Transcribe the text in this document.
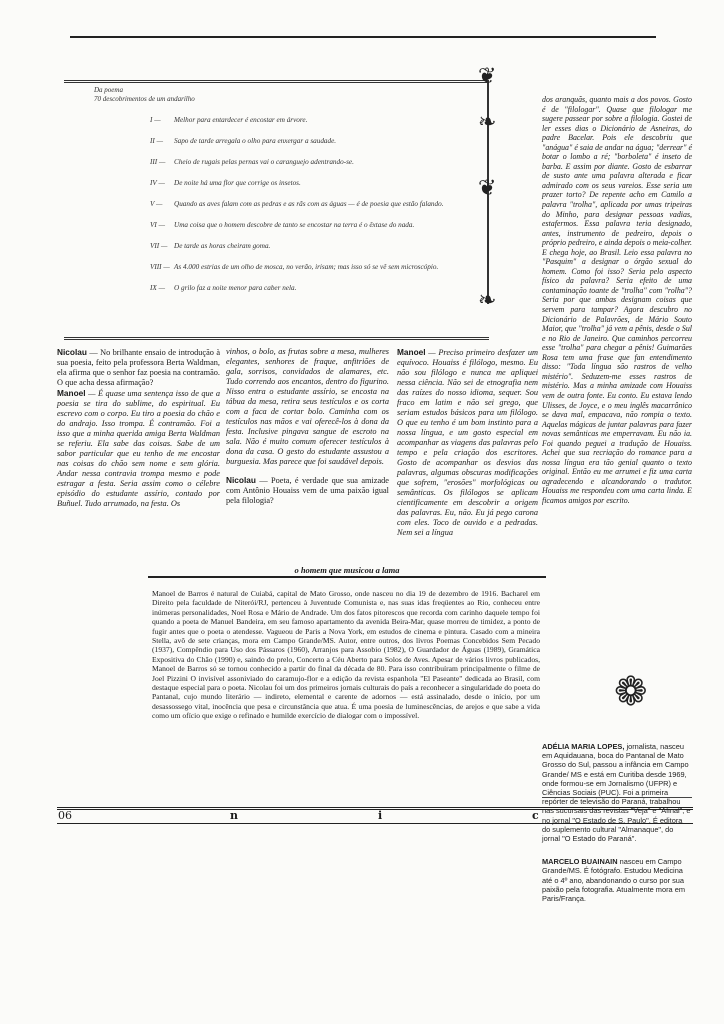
❦
❧
❦
❧
Da poema
70 descobrimentos de um andarilho
I —	Melhor para entardecer é encostar em árvore.
II —	Sapo de tarde arregala o olho para enxergar a saudade.
III —	Cheio de rugais pelas pernas vai o caranguejo adentrando-se.
IV —	De noite há uma flor que corrige os insetos.
V —	Quando as aves falam com as pedras e as rãs com as águas — é de poesia que estão falando.
VI —	Uma coisa que o homem descobre de tanto se encostar na terra é o êxtase do nada.
VII — De tarde as horas cheiram goma.
VIII — As 4.000 estrias de um olho de mosca, no verão, irisam; mas isso só se vê sem microscópio.
IX —	O grilo faz a noite menor para caber nela.
Nicolau — No brilhante ensaio de introdução à sua poesia, feito pela professora Berta Waldman, ela afirma que o senhor faz poesia na contramão. O que acha dessa afirmação?
Manoel — É quase uma sentença isso de que a poesia se tira do sublime, do espiritual. Eu escrevo com o corpo. Eu tiro a poesia do chão e do andrajo. Isso trompa. É contramão. Foi a isso que a minha querida amiga Berta Waldman se referiu. Ela sabe das coisas. Sabe de um sabor particular que eu tenho de me encostar nas coisas do chão sem nome e sem glória. Andar nessa contravia trompa mesmo e pode estragar a festa. Seria assim como o célebre episódio do estudante assírio, contado por Buñuel. Tudo arrumado, na festa. Os
vinhos, o bolo, as frutas sobre a mesa, mulheres elegantes, senhores de fraque, anfitriões de gala, sorrisos, convidados de alamares, etc. Tudo correndo aos encantos, dentro do figurino. Nisso entra o estudante assírio, se encosta na tábua da mesa, retira seus testículos e os corta com a faca de cortar bolo. Caminha com os testículos nas mãos e vai oferecê-los à dona da festa. Inclusive pingava sangue de escroto na sala. Não é muito comum oferecer testículos à dona da casa. O gesto do estudante assustou a burguesia. Mas parece que foi saudável depois.
Nicolau — Poeta, é verdade que sua amizade com Antônio Houaiss vem de uma paixão igual pela filologia?
Manoel — Preciso primeiro desfazer um equívoco. Houaiss é filólogo, mesmo. Eu não sou filólogo e nunca me apliquei nessa ciência. Não sei de etnografia nem das raízes do nosso idioma, sequer. Sou fraco em latim e não sei grego, que seriam estudos básicos para um filólogo. O que eu tenho é um bom instinto para a nossa língua, e um gosto especial em acompanhar as viagens das palavras pelo tempo e pela criação dos escritores. Gosto de acompanhar os desvios das palavras, algumas obscuras modificações que sofrem, "erosões" morfológicas ou semânticas. Os filólogos se aplicam cientificamente em descobrir a origem das palavras. Eu, não. Eu já pego carona com eles. Toco de ouvido e a pedradas. Nem sei a língua
dos aranquãs, quanto mais a dos povos. Gosto é de "filologar". Quase que filologar me sugere passear por sobre a filologia. Gostei de ler esses dias o Dicionário de Asneiras, do padre Bacelar. Pois ele descobriu que "anágua" é saia de andar na água; "derrear" é botar o lombo a ré; "borboleta" é inseto de barba. E assim por diante. Gosto de esbarrar de susto ante uma palavra alterada e ficar admirado com os seus vareios. Esse seria um prazer torto? De repente acho em Camilo a palavra "trolha", aplicada por umas tripeiras do Minho, para designar pessoas vadias, estafermos. Essa palavra teria designado, antes, instrumento de pedreiro, depois o próprio pedreiro, e ainda depois o meia-colher. E chega hoje, ao Brasil. Leio essa palavra no "Pasquim" a designar o órgão sexual do homem. Como foi isso? Seria pelo aspecto físico da palavra? Seria efeito de uma contaminação toante de "trolha" com "rolha"? Seria por que ambas designam coisas que servem para tampar? Agora descubro no Dicionário de Palavrões, de Mário Souto Maior, que "trolha" já vem a pênis, desde o Sul e no Rio de Janeiro. Que caminhos percorreu esse "trolha" para chegar a pênis! Guimarães Rosa tem uma frase que fan entendimento disso: "Toda língua são rastros de velho mistério". Seduzem-me esses rastros de mistério. Mas a minha amizade com Houaiss vem de outra fonte. Eu conto. Eu estava lendo Ulisses, de Joyce, e o meu inglês macarrônico se dava mal, empacava, não rompia o texto. Aquelas mágicas de juntar palavras para fazer novas semânticas me emperravam. Eu não ia. Foi quando peguei a tradução de Houaiss. Achei que sua recriação do romance para a nossa língua era tão genial quanto o texto original. Então eu me arrumei e fiz uma carta agradecendo e alcandorando o tradutor. Houaiss me respondeu com uma carta linda. E ficamos amigos por escrito.
❁
o homem que musicou a lama
Manoel de Barros é natural de Cuiabá, capital de Mato Grosso, onde nasceu no dia 19 de dezembro de 1916. Bacharel em Direito pela faculdade de Niterói/RJ, pertenceu à Juventude Comunista e, nas suas idas freqüentes ao Rio, conheceu entre inúmeras personalidades, Noel Rosa e Mário de Andrade. Um dos fatos pitorescos que recorda com carinho daquele tempo foi quando a poeta de Manuel Bandeira, em seu famoso apartamento da avenida Beira-Mar, quase morreu de timidez, a ponto de fugir antes que o poeta o atendesse. Vagueou de Paris a Nova York, em estudos de cinema e pintura. Casado com a mineira Stella, avô de sete crianças, mora em Campo Grande/MS. Autor, entre outros, dos livros Poemas Concebidos Sem Pecado (1937), Compêndio para Uso dos Pássaros (1960), Arranjos para Assobio (1982), O Guardador de Águas (1989), Gramática Expositiva do Chão (1990) e, saindo do prelo, Concerto a Céu Aberto para Solos de Aves. Apesar de vários livros publicados, Manoel de Barros só se tornou conhecido a partir do final da década de 80. Para isso contribuíram principalmente o filme de Joel Pizzini O invisível assoniviado do caramujo-flor e a edição da revista espanhola "El Paseante" dedicada ao Brasil, com destaque especial para o poeta. Nicolau foi um dos primeiros jornais culturais do país a reconhecer a singularidade do poeta do Pantanal, cujo mundo literário — indireto, elemental e carente de adornos — está assinalado, desde o início, por um desassossego vital, inocência que pesa e circunstância que atua. É uma poesia de luminescências, de arejos e que sabe a vida como um ofício que exige o refinado e humilde exercício de dialogar com o impossível.

ADÉLIA MARIA LOPES, jornalista, nasceu em Aquidauana, boca do Pantanal de Mato Grosso do Sul, passou a infância em Campo Grande/ MS e está em Curitiba desde 1969, onde formou-se em Jornalismo (UFPR) e Ciências Sociais (PUC). Foi a primeira repórter de televisão do Paraná, trabalhou nas sucursais das revistas "Veja" e "Afinal", e no jornal "O Estado de S. Paulo". É editora do suplemento cultural "Almanaque", do jornal "O Estado do Paraná".

MARCELO BUAINAIN nasceu em Campo Grande/MS. É fotógrafo. Estudou Medicina até o 4º ano, abandonando o curso por sua paixão pela fotografia. Atualmente mora em Paris/França.

06	n	i	c
